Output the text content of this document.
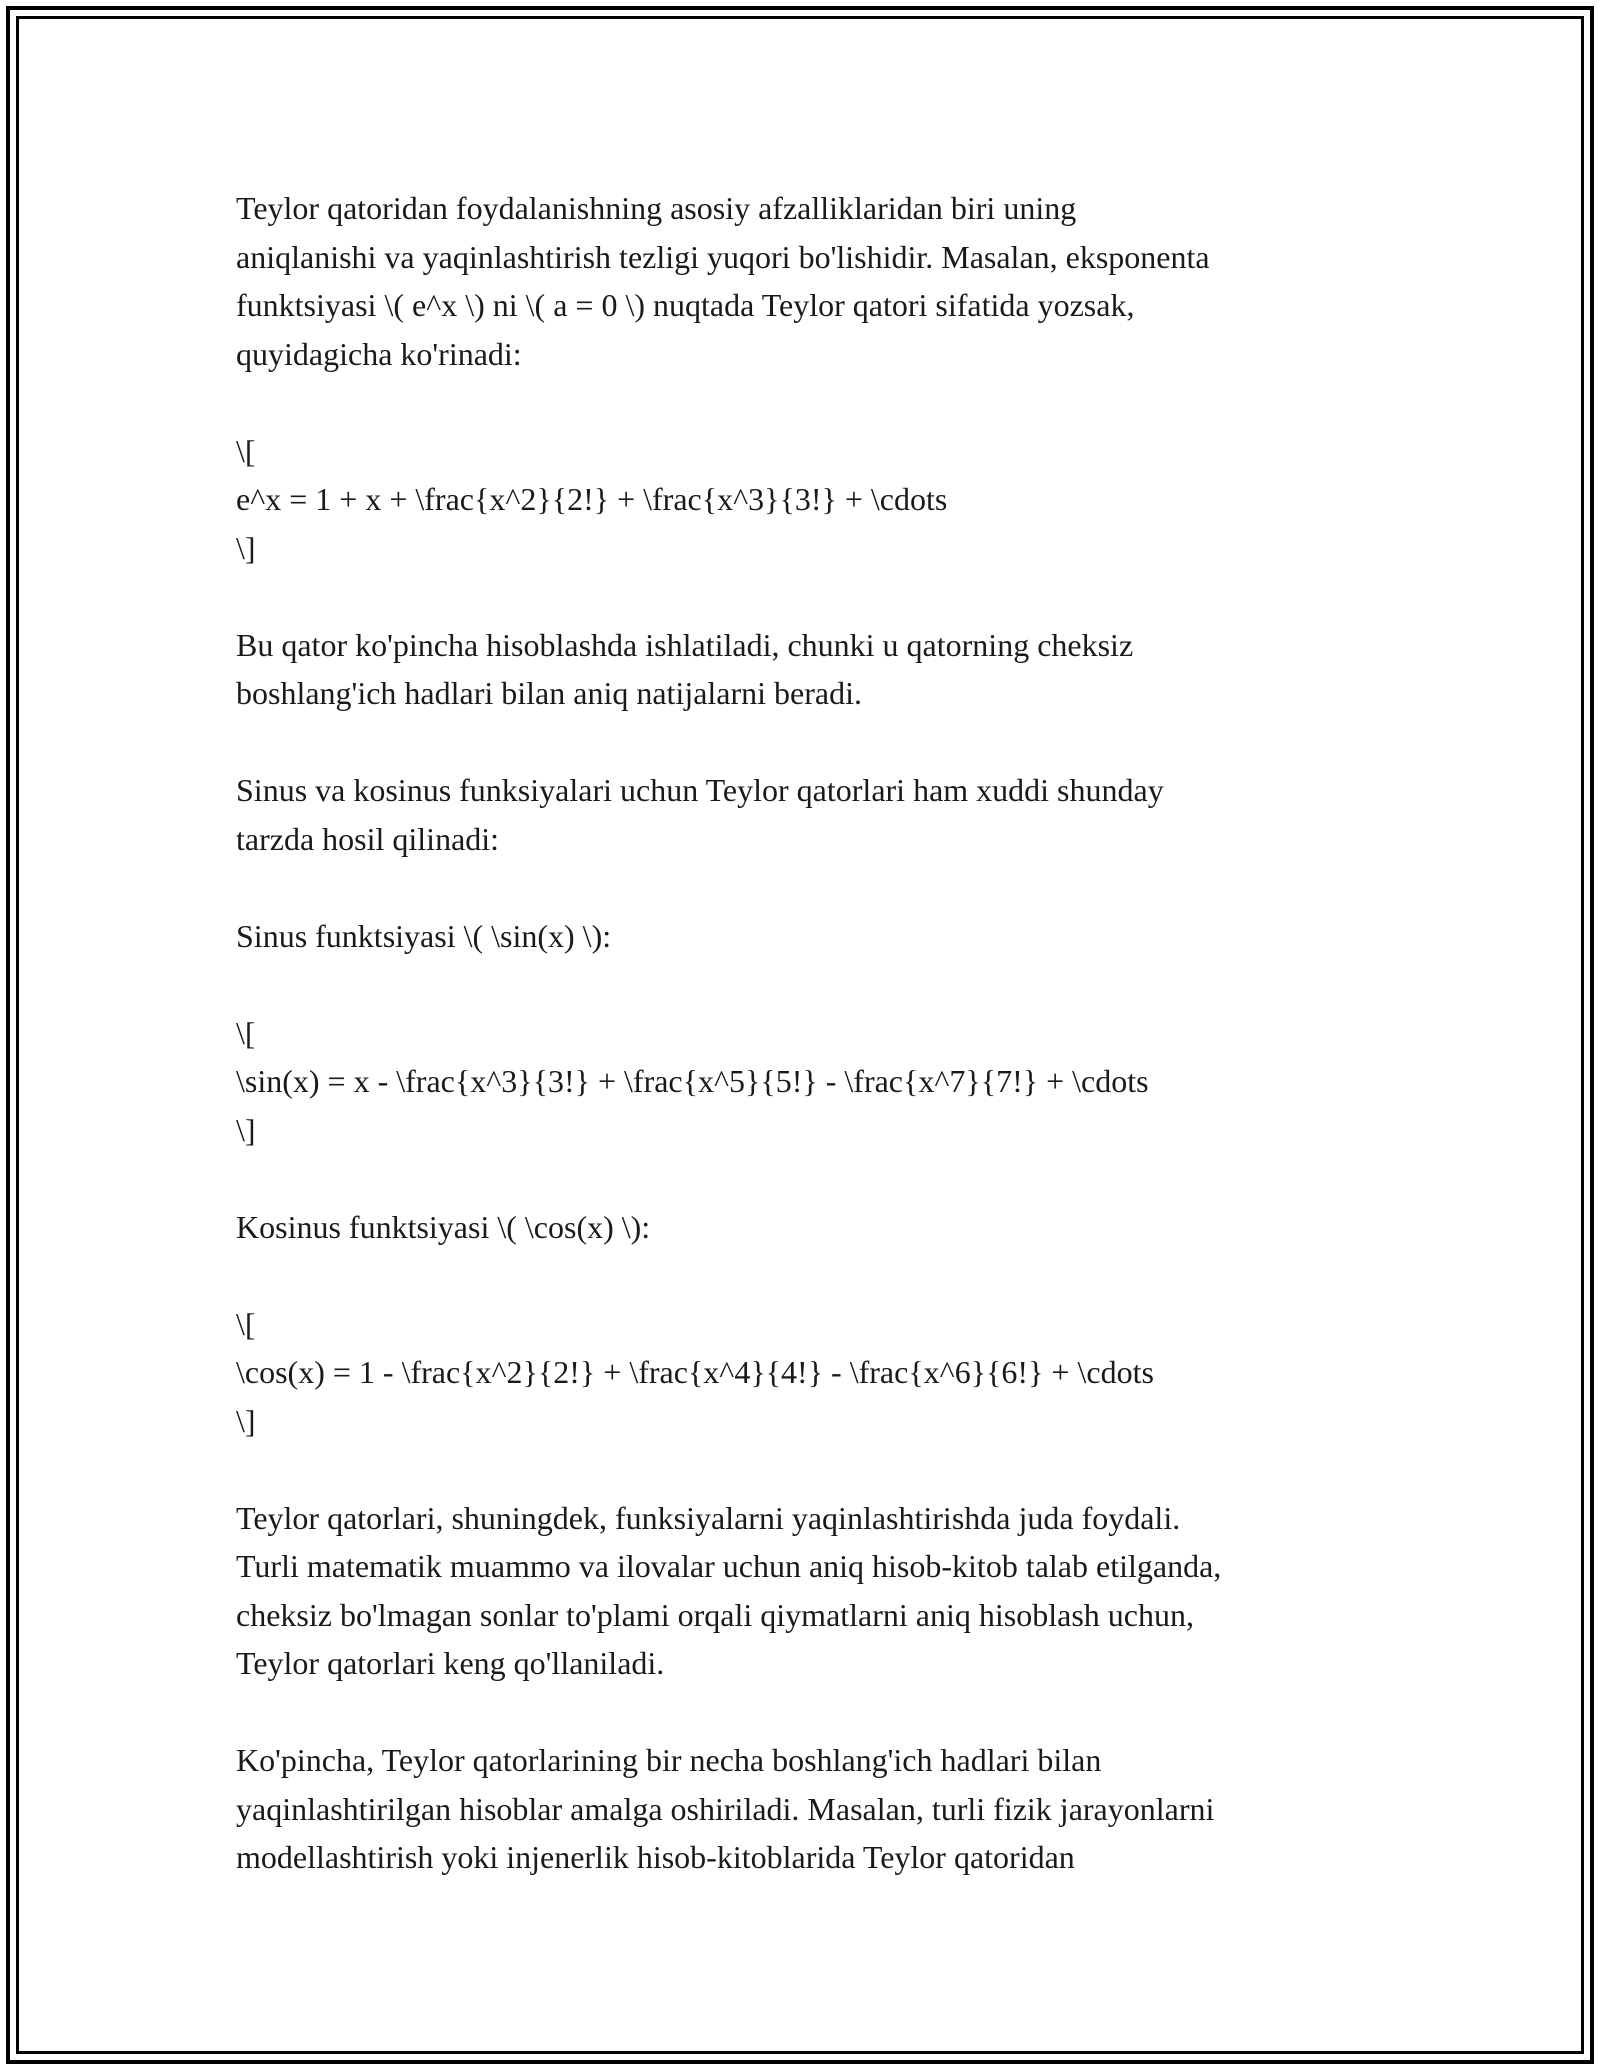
Teylor qatoridan foydalanishning asosiy afzalliklaridan biri uning
aniqlanishi va yaqinlashtirish tezligi yuqori bo'lishidir. Masalan, eksponenta
funktsiyasi \( e^x \) ni \( a = 0 \) nuqtada Teylor qatori sifatida yozsak,
quyidagicha ko'rinadi:

\[
e^x = 1 + x + \frac{x^2}{2!} + \frac{x^3}{3!} + \cdots
\]

Bu qator ko'pincha hisoblashda ishlatiladi, chunki u qatorning cheksiz
boshlang'ich hadlari bilan aniq natijalarni beradi.

Sinus va kosinus funksiyalari uchun Teylor qatorlari ham xuddi shunday
tarzda hosil qilinadi:

Sinus funktsiyasi \( \sin(x) \):

\[
\sin(x) = x - \frac{x^3}{3!} + \frac{x^5}{5!} - \frac{x^7}{7!} + \cdots
\]

Kosinus funktsiyasi \( \cos(x) \):

\[
\cos(x) = 1 - \frac{x^2}{2!} + \frac{x^4}{4!} - \frac{x^6}{6!} + \cdots
\]

Teylor qatorlari, shuningdek, funksiyalarni yaqinlashtirishda juda foydali.
Turli matematik muammo va ilovalar uchun aniq hisob-kitob talab etilganda,
cheksiz bo'lmagan sonlar to'plami orqali qiymatlarni aniq hisoblash uchun,
Teylor qatorlari keng qo'llaniladi.

Ko'pincha, Teylor qatorlarining bir necha boshlang'ich hadlari bilan
yaqinlashtirilgan hisoblar amalga oshiriladi. Masalan, turli fizik jarayonlarni
modellashtirish yoki injenerlik hisob-kitoblarida Teylor qatoridan
